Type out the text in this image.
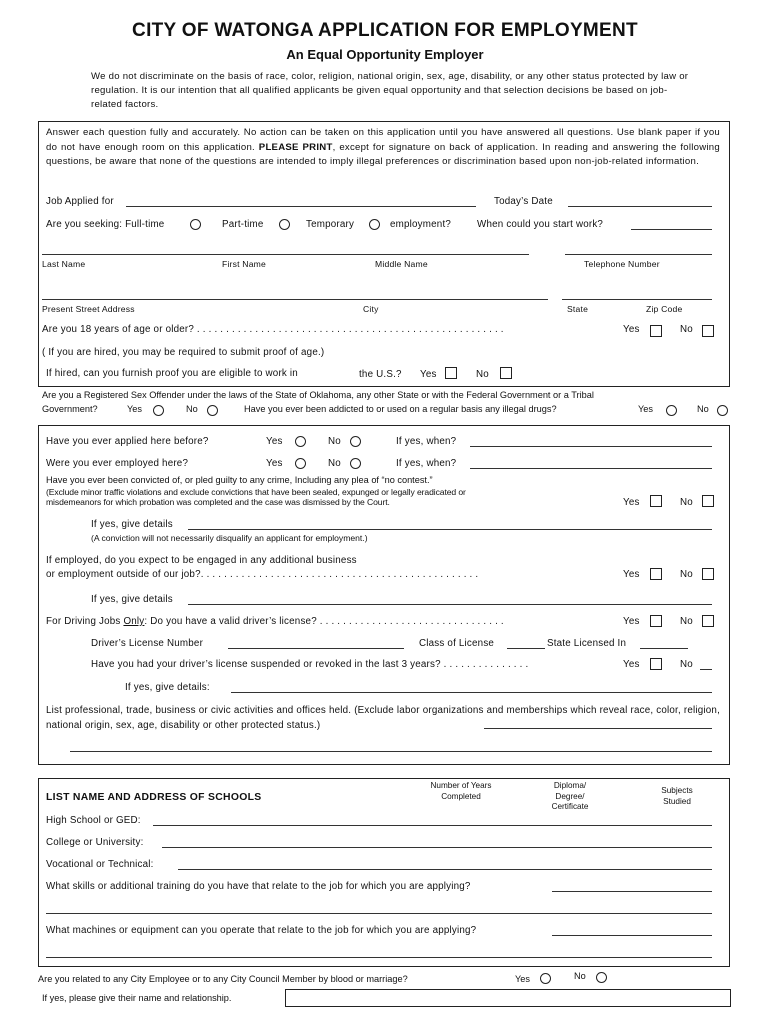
CITY OF WATONGA APPLICATION FOR EMPLOYMENT
An Equal Opportunity Employer
We do not discriminate on the basis of race, color, religion, national origin, sex, age, disability, or any other status protected by law or regulation. It is our intention that all qualified applicants be given equal opportunity and that selection decisions be based on job-related factors.
Answer each question fully and accurately. No action can be taken on this application until you have answered all questions. Use blank paper if you do not have enough room on this application. PLEASE PRINT, except for signature on back of application. In reading and answering the following questions, be aware that none of the questions are intended to imply illegal preferences or discrimination based upon non-job-related information.
Job Applied for	Today’s Date
Are you seeking: Full-time	Part-time	Temporary	employment?	When could you start work?
Last Name	First Name	Middle Name	Telephone Number
Present Street Address	City	State	Zip Code
Are you 18 years of age or older? . . . . . . . . . . . . . . . . . . . . . . . . . . . . . . . . . . . . . . . . . . . . . . . . . . . . .	Yes	No
( If you are hired, you may be required to submit proof of age.)
If hired, can you furnish proof you are eligible to work in	the U.S.? Yes	No
Are you a Registered Sex Offender under the laws of the State of Oklahoma, any other State or with the Federal Government or a Tribal
Government?	Yes	No	Have you ever been addicted to or used on a regular basis any illegal drugs?	Yes	No
Have you ever applied here before?	Yes	No	If yes, when?
Were you ever employed here?	Yes	No	If yes, when?
Have you ever been convicted of, or pled guilty to any crime, Including any plea of “no contest.”
(Exclude minor traffic violations and exclude convictions that have been sealed, expunged or legally eradicated or
misdemeanors for which probation was completed and the case was dismissed by the Court.	Yes	No
If yes, give details
(A conviction will not necessarily disqualify an applicant for employment.)
If employed, do you expect to be engaged in any additional business
or employment outside of our job?. . . . . . . . . . . . . . . . . . . . . . . . . . . . . . . . . . . . . . . . . . . . . . . .	Yes	No
If yes, give details
For Driving Jobs Only: Do you have a valid driver’s license? . . . . . . . . . . . . . . . . . . . . . . . . . . . . . . . .	Yes	No
Driver’s License Number	Class of License	State Licensed In
Have you had your driver’s license suspended or revoked in the last 3 years? . . . . . . . . . . . . . . .	Yes	No
If yes, give details:
List professional, trade, business or civic activities and offices held. (Exclude labor organizations and memberships which reveal race, color, religion, national origin, sex, age, disability or other protected status.)
LIST NAME AND ADDRESS OF SCHOOLS
Number of Years Completed
Diploma/ Degree/ Certificate
Subjects Studied
High School or GED:
College or University:
Vocational or Technical:
What skills or additional training do you have that relate to the job for which you are applying?
What machines or equipment can you operate that relate to the job for which you are applying?
Are you related to any City Employee or to any City Council Member by blood or marriage?	Yes	No
If yes, please give their name and relationship.
